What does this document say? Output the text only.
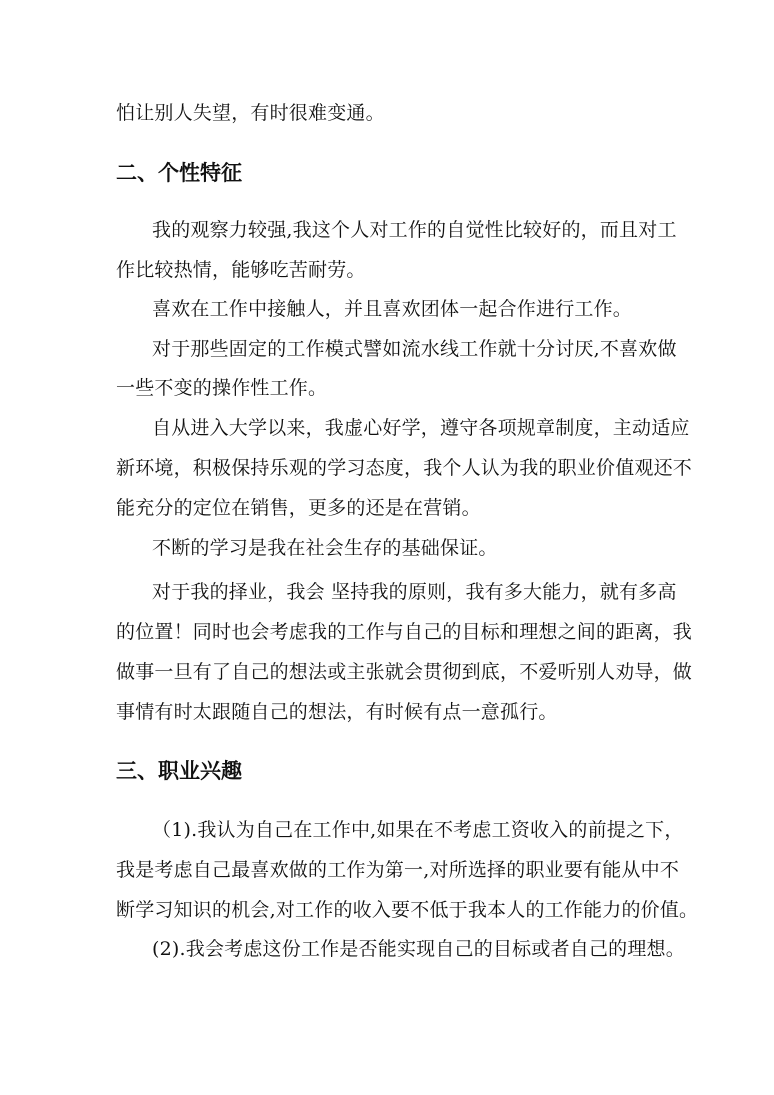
怕让别人失望，有时很难变通。
二、个性特征
我的观察力较强,我这个人对工作的自觉性比较好的，而且对工
作比较热情，能够吃苦耐劳。
喜欢在工作中接触人，并且喜欢团体一起合作进行工作。
对于那些固定的工作模式譬如流水线工作就十分讨厌,不喜欢做
一些不变的操作性工作。
自从进入大学以来，我虚心好学，遵守各项规章制度，主动适应
新环境，积极保持乐观的学习态度，我个人认为我的职业价值观还不
能充分的定位在销售，更多的还是在营销。
不断的学习是我在社会生存的基础保证。
对于我的择业，我会 坚持我的原则，我有多大能力，就有多高
的位置！同时也会考虑我的工作与自己的目标和理想之间的距离，我
做事一旦有了自己的想法或主张就会贯彻到底，不爱听别人劝导，做
事情有时太跟随自己的想法，有时候有点一意孤行。
三、职业兴趣
（1).我认为自己在工作中,如果在不考虑工资收入的前提之下，
我是考虑自己最喜欢做的工作为第一,对所选择的职业要有能从中不
断学习知识的机会,对工作的收入要不低于我本人的工作能力的价值。
(2).我会考虑这份工作是否能实现自己的目标或者自己的理想。
